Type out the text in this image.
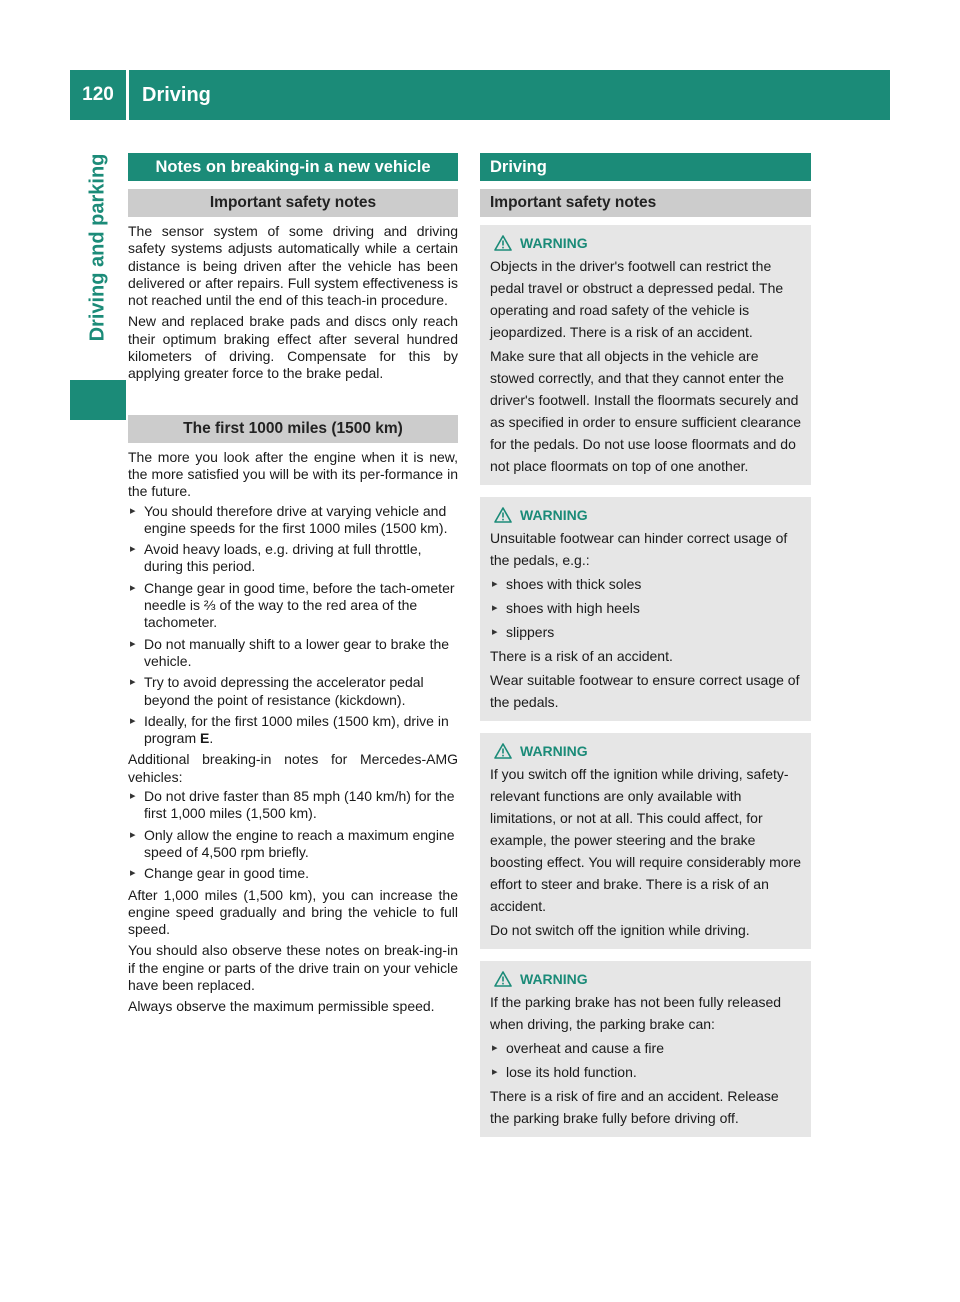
120	Driving
Driving and parking	Notes on breaking-in a new vehicle
Important safety notes

The sensor system of some driving and driving safety systems adjusts automatically while a certain distance is being driven after the vehicle has been delivered or after repairs. Full system effectiveness is not reached until the end of this teach-in procedure.

New and replaced brake pads and discs only reach their optimum braking effect after several hundred kilometers of driving. Compensate for this by applying greater force to the brake pedal.

The first 1000 miles (1500 km)

The more you look after the engine when it is new, the more satisfied you will be with its per-formance in the future.

▸ You should therefore drive at varying vehicle and engine speeds for the first 1000 miles (1500 km).
▸ Avoid heavy loads, e.g. driving at full throttle, during this period.
▸ Change gear in good time, before the tach-ometer needle is ⅔ of the way to the red area of the tachometer.
▸ Do not manually shift to a lower gear to brake the vehicle.
▸ Try to avoid depressing the accelerator pedal beyond the point of resistance (kickdown).
▸ Ideally, for the first 1000 miles (1500 km), drive in program E.

Additional breaking-in notes for Mercedes-AMG vehicles:

▸ Do not drive faster than 85 mph (140 km/h) for the first 1,000 miles (1,500 km).
▸ Only allow the engine to reach a maximum engine speed of 4,500 rpm briefly.
▸ Change gear in good time.

After 1,000 miles (1,500 km), you can increase the engine speed gradually and bring the vehicle to full speed.

You should also observe these notes on break-ing-in if the engine or parts of the drive train on your vehicle have been replaced.

Always observe the maximum permissible speed.

Driving
Important safety notes
WARNING

Objects in the driver's footwell can restrict the pedal travel or obstruct a depressed pedal. The operating and road safety of the vehicle is jeopardized. There is a risk of an accident.

Make sure that all objects in the vehicle are stowed correctly, and that they cannot enter the driver's footwell. Install the floormats securely and as specified in order to ensure sufficient clearance for the pedals. Do not use loose floormats and do not place floormats on top of one another.

WARNING

Unsuitable footwear can hinder correct usage of the pedals, e.g.:

▸ shoes with thick soles
▸ shoes with high heels
▸ slippers

There is a risk of an accident.

Wear suitable footwear to ensure correct usage of the pedals.

WARNING

If you switch off the ignition while driving, safety-relevant functions are only available with limitations, or not at all. This could affect, for example, the power steering and the brake boosting effect. You will require considerably more effort to steer and brake. There is a risk of an accident.

Do not switch off the ignition while driving.

WARNING

If the parking brake has not been fully released when driving, the parking brake can:

▸ overheat and cause a fire
▸ lose its hold function.

There is a risk of fire and an accident. Release the parking brake fully before driving off.
